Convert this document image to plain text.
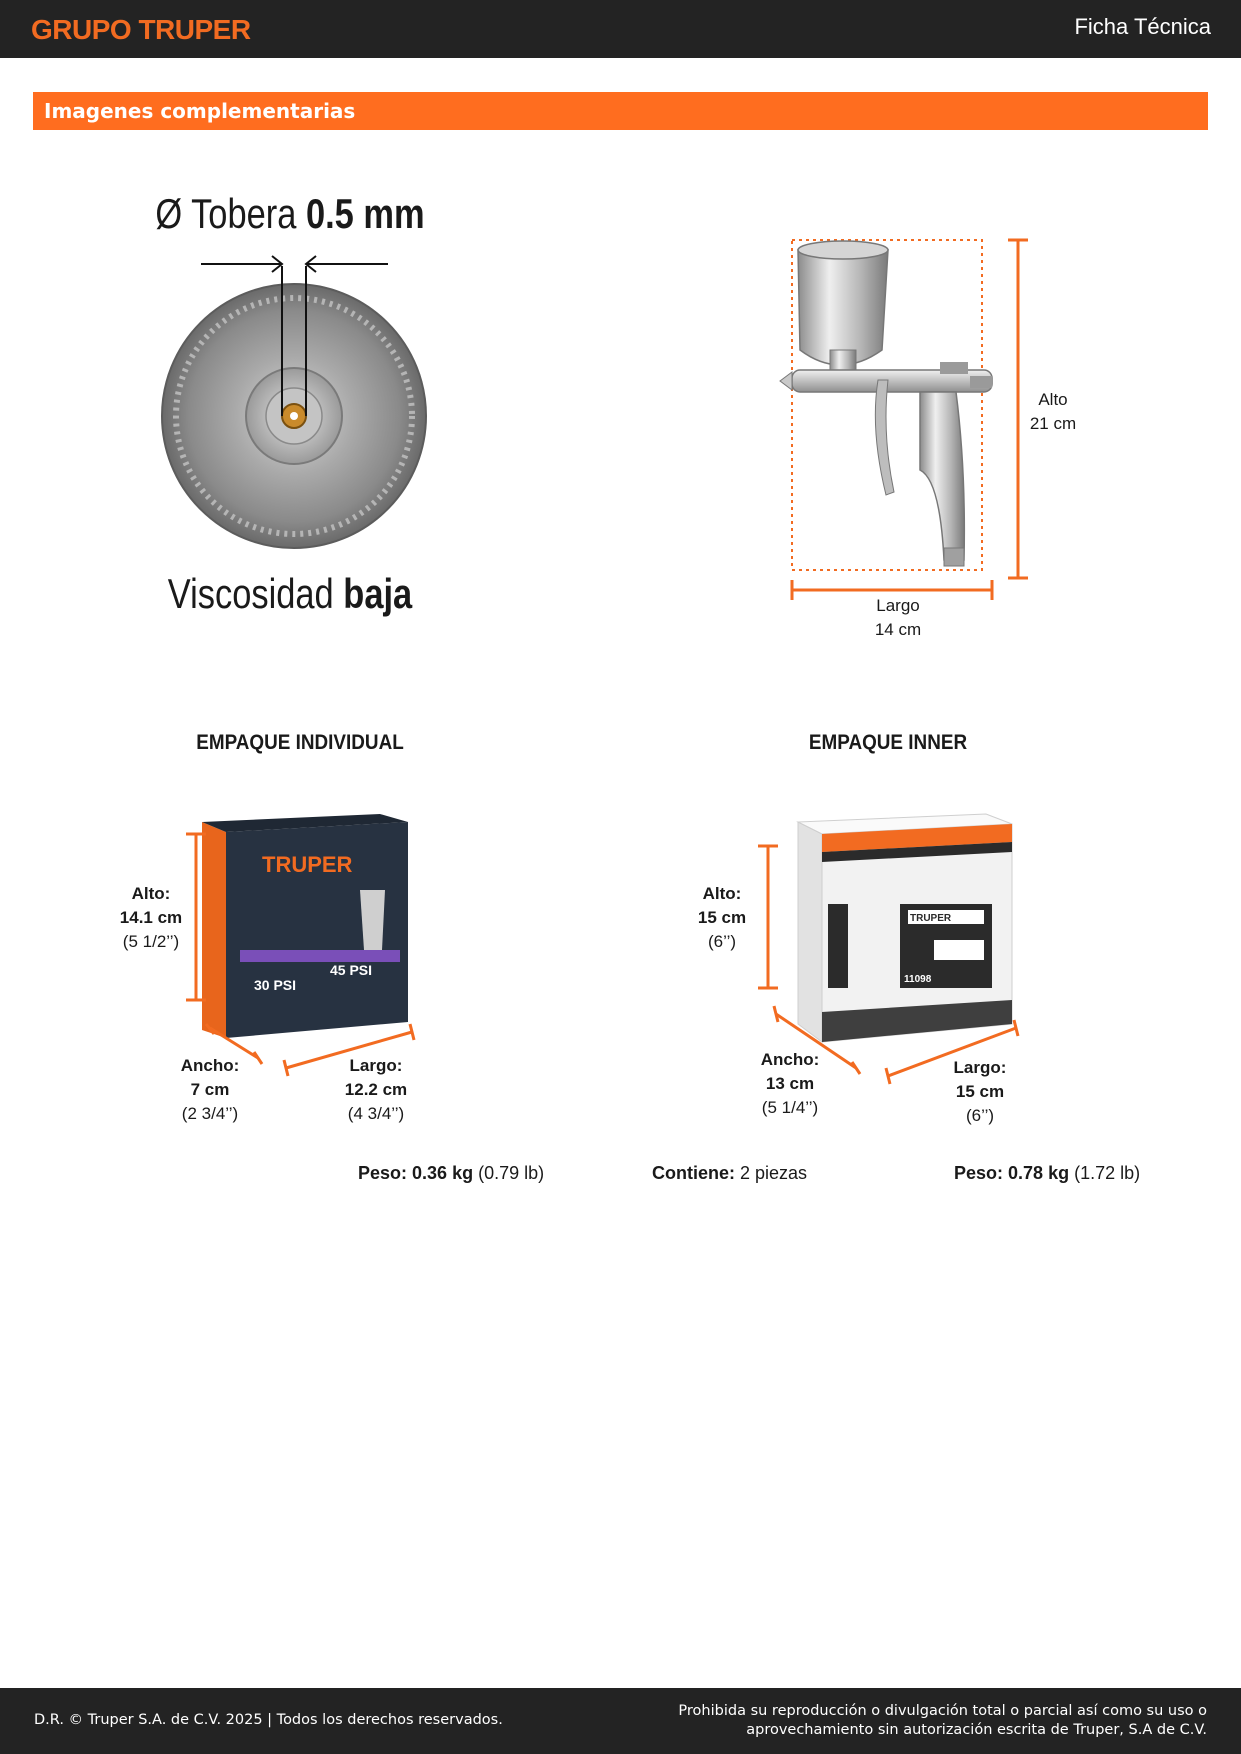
GRUPO TRUPER	Ficha Técnica
Imagenes complementarias
Ø Tobera 0.5 mm
Viscosidad baja
Alto
21 cm
Largo
14 cm
EMPAQUE INDIVIDUAL
TRUPER
30 PSI
45 PSI
Alto:
14.1 cm
(5 1/2’’)
Ancho:
7 cm
(2 3/4’’)
Largo:
12.2 cm
(4 3/4’’)
Peso: 0.36 kg (0.79 lb)
EMPAQUE INNER
TRUPER
11098
Alto:
15 cm
(6’’)
Ancho:
13 cm
(5 1/4’’)
Largo:
15 cm
(6’’)
Contiene: 2 piezas	Peso: 0.78 kg (1.72 lb)
D.R. © Truper S.A. de C.V. 2025 | Todos los derechos reservados.
Prohibida su reproducción o divulgación total o parcial así como su uso o
aprovechamiento sin autorización escrita de Truper, S.A de C.V.
